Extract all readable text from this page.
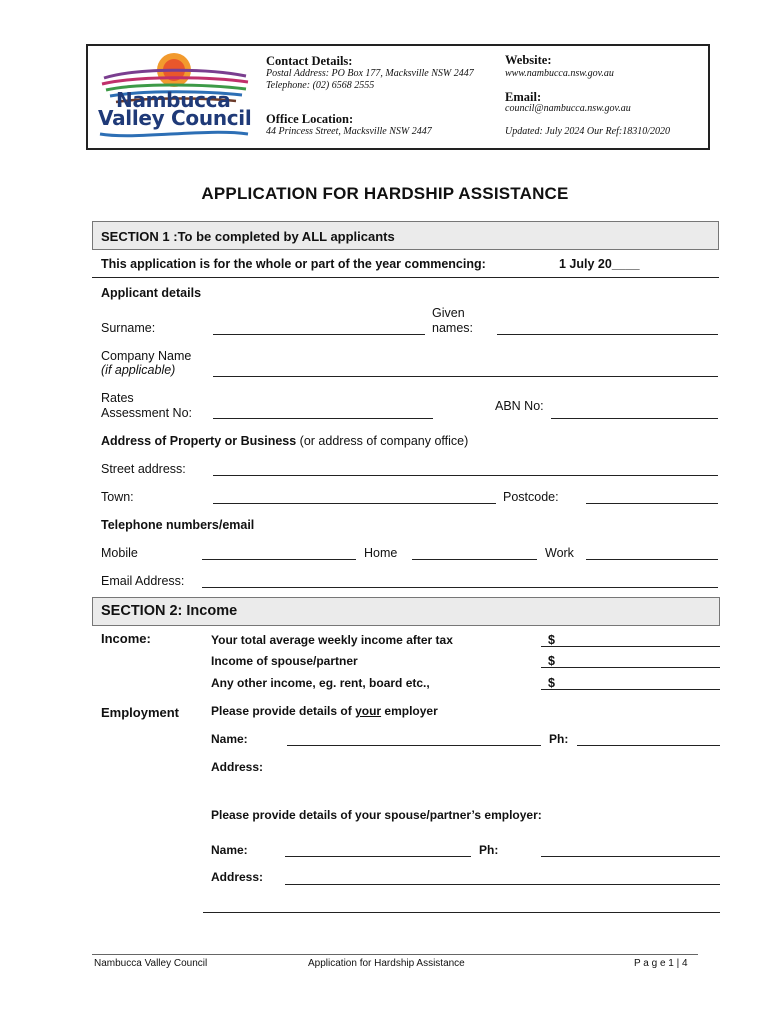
Nambucca
Valley Council
Contact Details:
Postal Address: PO Box 177, Macksville NSW 2447
Telephone: (02) 6568 2555
Office Location:
44 Princess Street, Macksville NSW 2447
Website:
www.nambucca.nsw.gov.au
Email:
council@nambucca.nsw.gov.au
Updated: July 2024 Our Ref:18310/2020
APPLICATION FOR HARDSHIP ASSISTANCE
SECTION 1 :To be completed by ALL applicants
This application is for the whole or part of the year commencing:	1 July 20____
Applicant details
Surname:
Given
names:
Company Name
(if applicable)
Rates
Assessment No:	ABN No:
Address of Property or Business (or address of company office)
Street address:
Town:	Postcode:
Telephone numbers/email
Mobile	Home	Work
Email Address:
SECTION 2: Income
Income:	Your total average weekly income after tax	$
Income of spouse/partner	$
Any other income, eg. rent, board etc.,	$
Employment	Please provide details of your employer
Name:	Ph:
Address:
Please provide details of your spouse/partner’s employer:
Name:	Ph:
Address:
Nambucca Valley Council	Application for Hardship Assistance	P a g e 1 | 4
